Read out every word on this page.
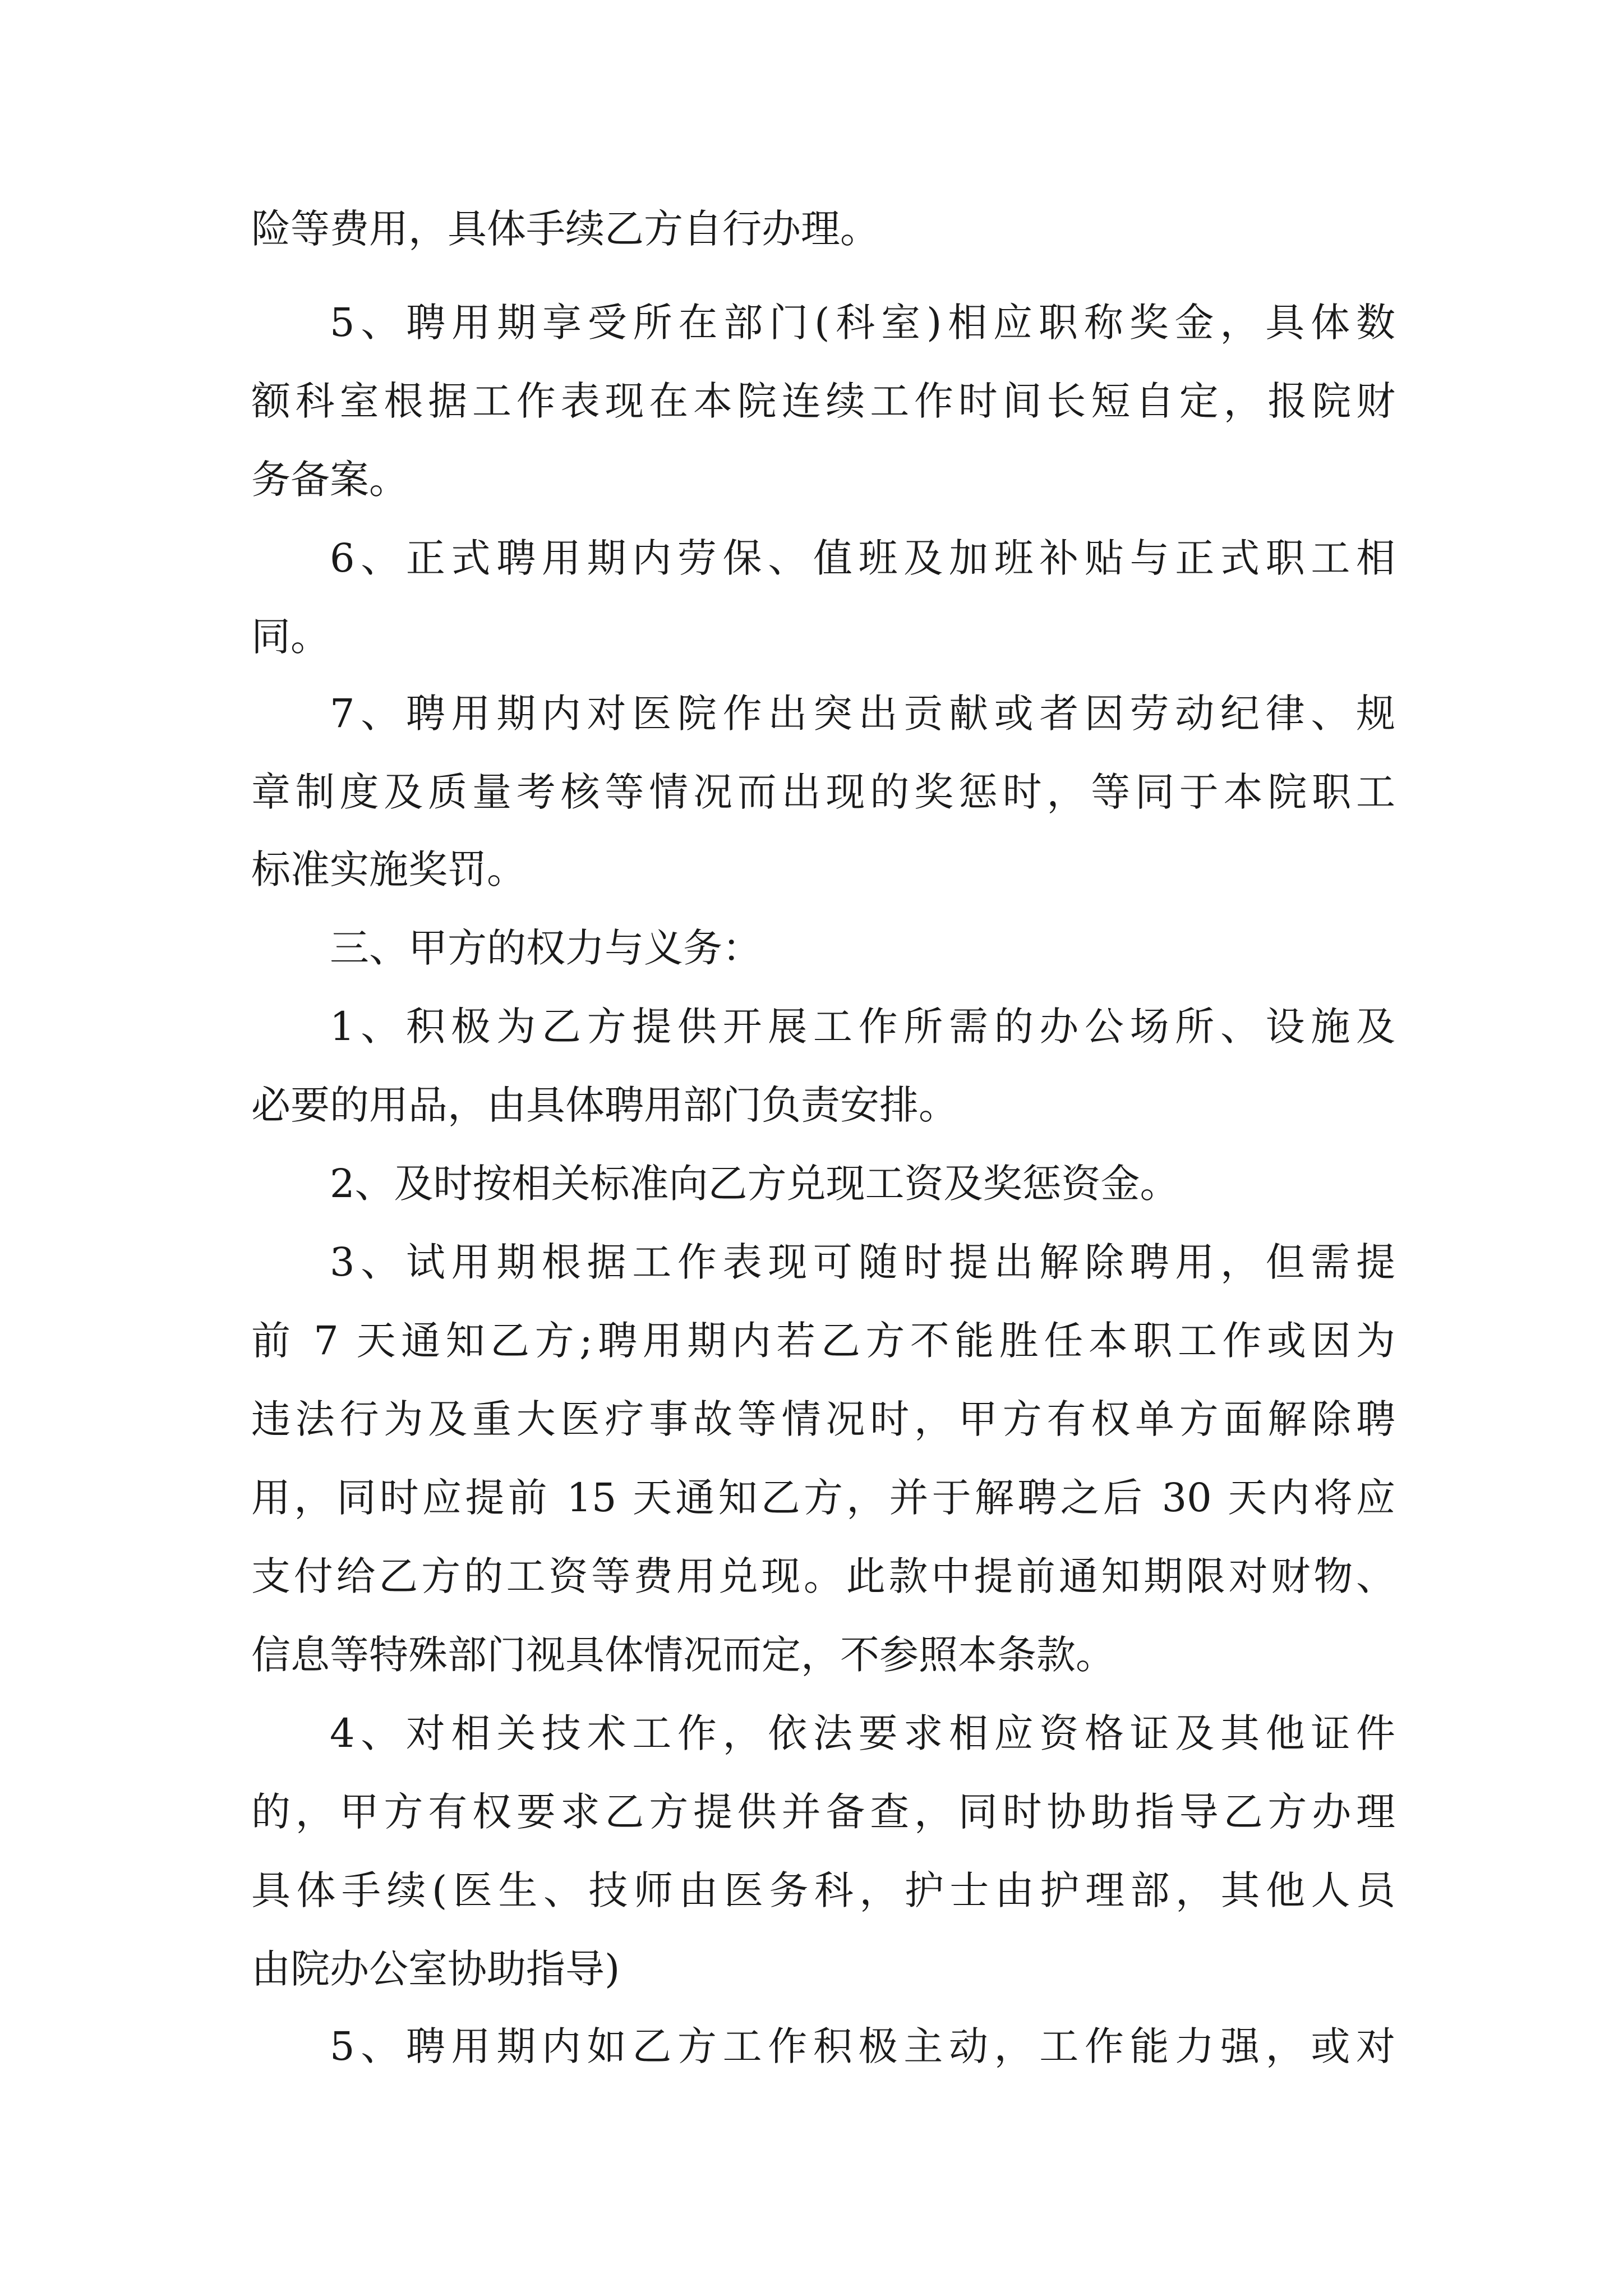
险等费用，具体手续乙方自行办理。

5、聘用期享受所在部门(科室)相应职称奖金，具体数

额科室根据工作表现在本院连续工作时间长短自定，报院财

务备案。

6、正式聘用期内劳保、值班及加班补贴与正式职工相

同。

7、聘用期内对医院作出突出贡献或者因劳动纪律、规

章制度及质量考核等情况而出现的奖惩时，等同于本院职工

标准实施奖罚。

三、甲方的权力与义务：

1、积极为乙方提供开展工作所需的办公场所、设施及

必要的用品，由具体聘用部门负责安排。

2、及时按相关标准向乙方兑现工资及奖惩资金。

3、试用期根据工作表现可随时提出解除聘用，但需提

前 7 天通知乙方;聘用期内若乙方不能胜任本职工作或因为

违法行为及重大医疗事故等情况时，甲方有权单方面解除聘

用，同时应提前 15 天通知乙方，并于解聘之后 30 天内将应

支付给乙方的工资等费用兑现。此款中提前通知期限对财物、

信息等特殊部门视具体情况而定，不参照本条款。

4、对相关技术工作，依法要求相应资格证及其他证件

的，甲方有权要求乙方提供并备查，同时协助指导乙方办理

具体手续(医生、技师由医务科，护士由护理部，其他人员

由院办公室协助指导)

5、聘用期内如乙方工作积极主动，工作能力强，或对
